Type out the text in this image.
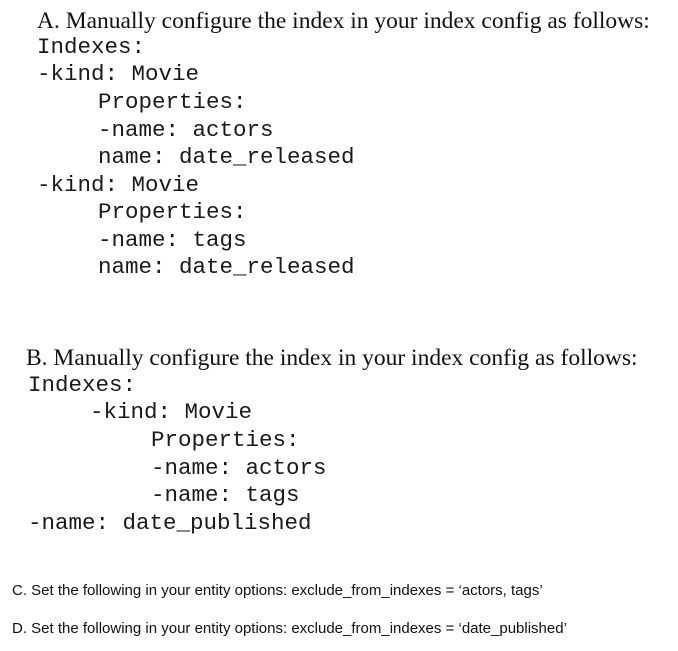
A. Manually configure the index in your index config as follows:
Indexes:
-kind: Movie
Properties:
-name: actors
name: date_released
-kind: Movie
Properties:
-name: tags
name: date_released
B. Manually configure the index in your index config as follows:
Indexes:
-kind: Movie
Properties:
-name: actors
-name: tags
-name: date_published
C. Set the following in your entity options: exclude_from_indexes = ‘actors, tags’
D. Set the following in your entity options: exclude_from_indexes = ‘date_published’
